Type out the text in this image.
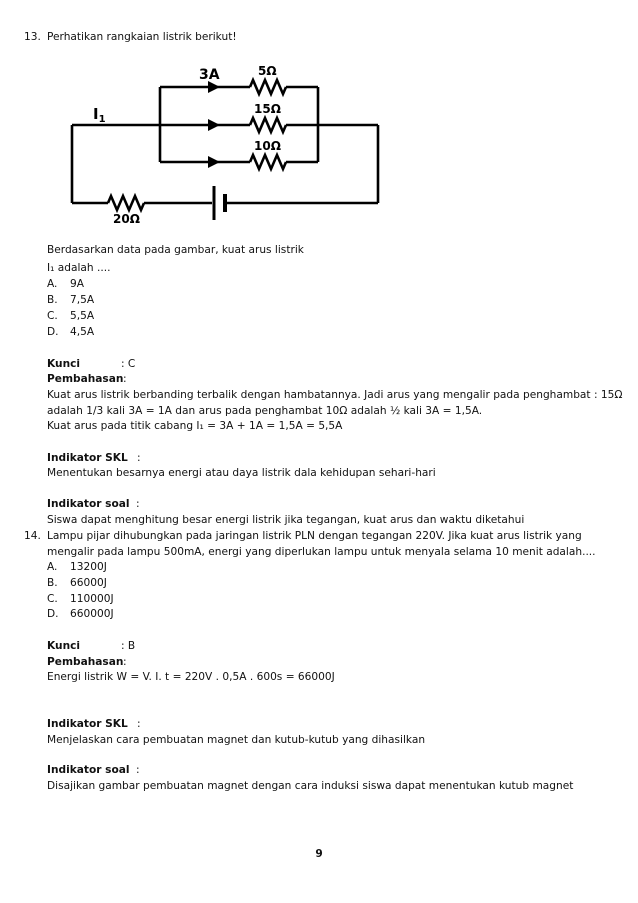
13. Perhatikan rangkaian listrik berikut!
3A	5Ω
15Ω
10Ω
20Ω
$I_1$
Berdasarkan data pada gambar, kuat arus listrik
I₁ adalah ....
A. 9A
B. 7,5A
C. 5,5A
D. 4,5A
Kunci	: C
Pembahasan:
Kuat arus listrik berbanding terbalik dengan hambatannya. Jadi arus yang mengalir pada penghambat : 15Ω
adalah 1/3 kali 3A = 1A dan arus pada penghambat 10Ω adalah ½ kali 3A = 1,5A.
Kuat arus pada titik cabang I₁ = 3A + 1A = 1,5A = 5,5A
Indikator SKL :
Menentukan besarnya energi atau daya listrik dala kehidupan sehari-hari
Indikator soal :
Siswa dapat menghitung besar energi listrik jika tegangan, kuat arus dan waktu diketahui
14. Lampu pijar dihubungkan pada jaringan listrik PLN dengan tegangan 220V. Jika kuat arus listrik yang
mengalir pada lampu 500mA, energi yang diperlukan lampu untuk menyala selama 10 menit adalah....
A. 13200J
B. 66000J
C. 110000J
D. 660000J
Kunci	: B
Pembahasan:
Energi listrik W = V. I. t = 220V . 0,5A . 600s = 66000J
Indikator SKL :
Menjelaskan cara pembuatan magnet dan kutub-kutub yang dihasilkan
Indikator soal :
Disajikan gambar pembuatan magnet dengan cara induksi siswa dapat menentukan kutub magnet
9
